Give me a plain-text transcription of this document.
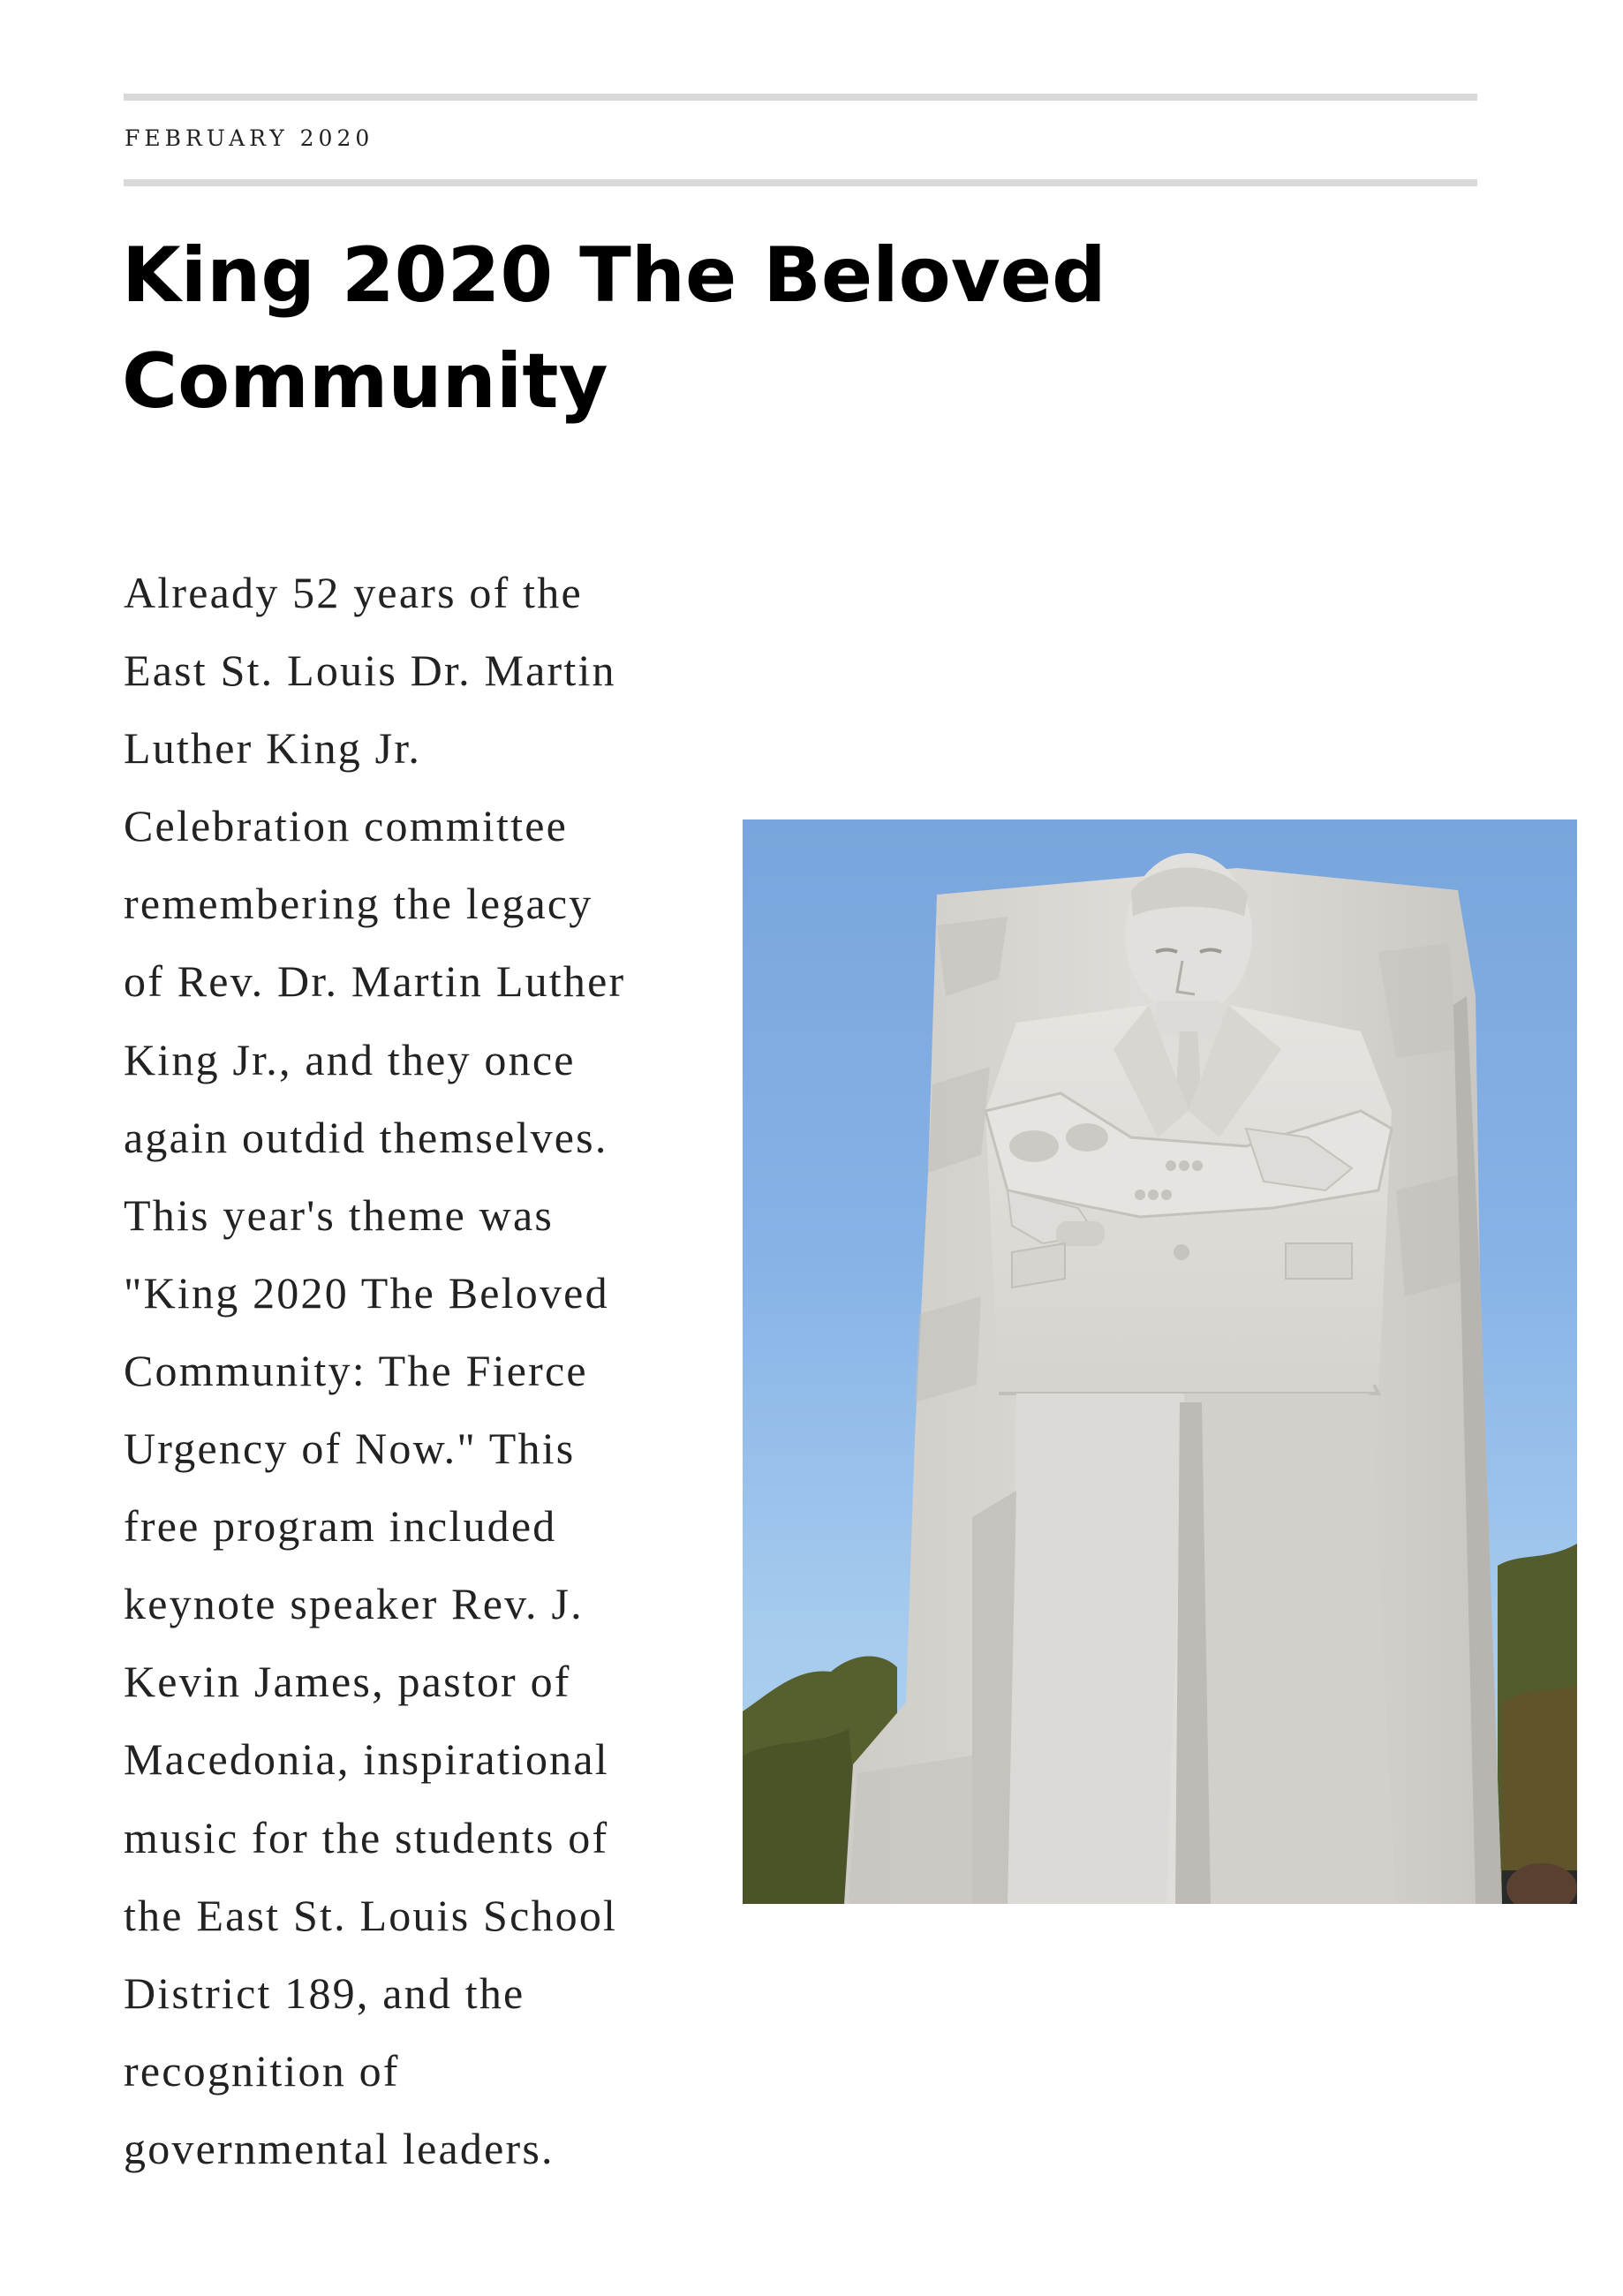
FEBRUARY 2020
King 2020 The Beloved
Community
Already 52 years of the
East St. Louis Dr. Martin
Luther King Jr.
Celebration committee
remembering the legacy
of Rev. Dr. Martin Luther
King Jr., and they once
again outdid themselves.
This year's theme was
"King 2020 The Beloved
Community: The Fierce
Urgency of Now." This
free program included
keynote speaker Rev. J.
Kevin James, pastor of
Macedonia, inspirational
music for the students of
the East St. Louis School
District 189, and the
recognition of
governmental leaders.
